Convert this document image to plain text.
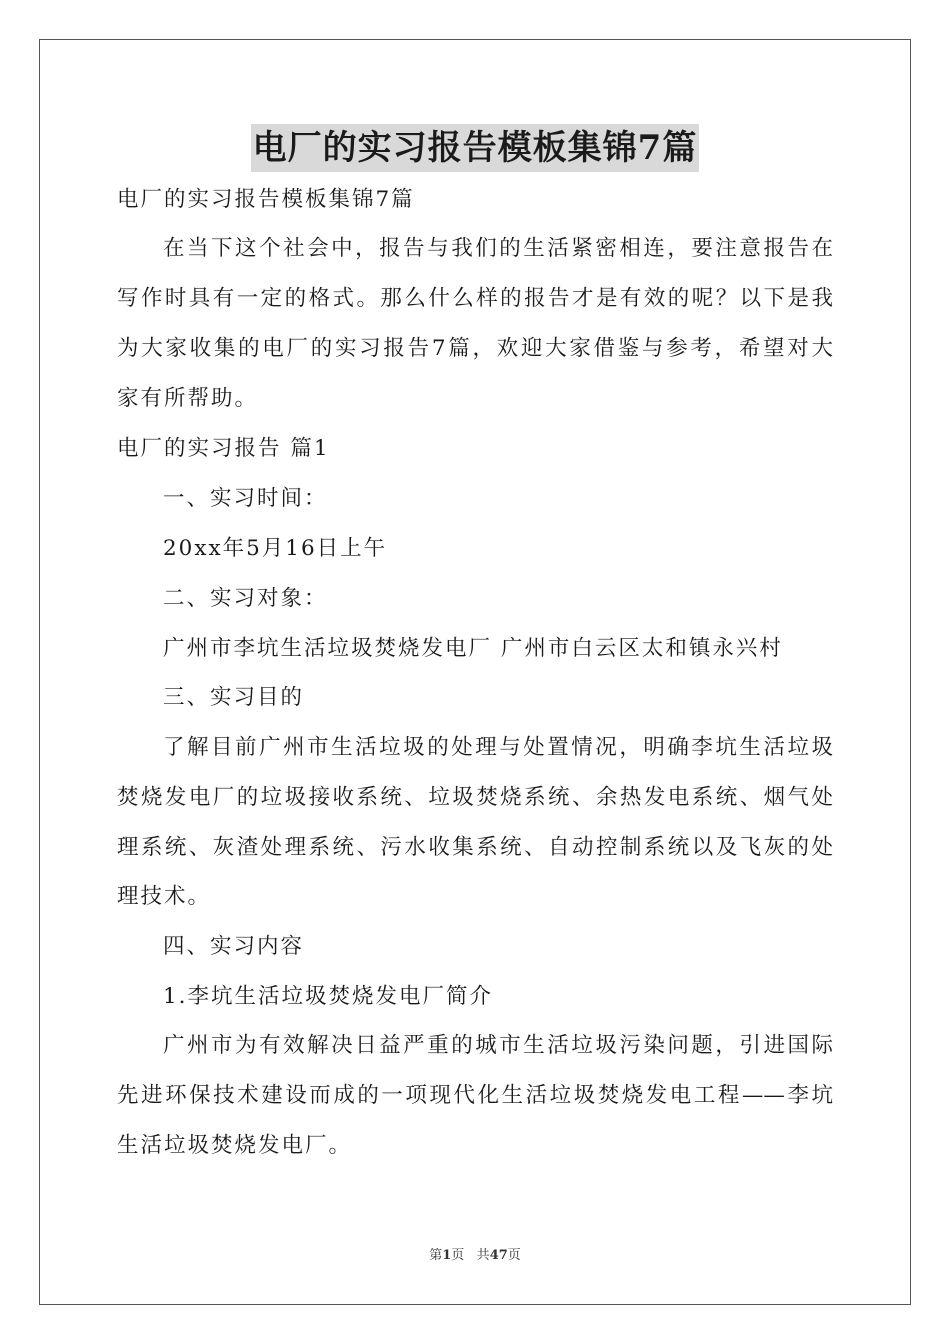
电厂的实习报告模板集锦7篇

电厂的实习报告模板集锦7篇

在当下这个社会中，报告与我们的生活紧密相连，要注意报告在

写作时具有一定的格式。那么什么样的报告才是有效的呢？以下是我

为大家收集的电厂的实习报告7篇，欢迎大家借鉴与参考，希望对大

家有所帮助。

电厂的实习报告 篇1

一、实习时间：

20xx年5月16日上午

二、实习对象：

广州市李坑生活垃圾焚烧发电厂 广州市白云区太和镇永兴村

三、实习目的

了解目前广州市生活垃圾的处理与处置情况，明确李坑生活垃圾

焚烧发电厂的垃圾接收系统、垃圾焚烧系统、余热发电系统、烟气处

理系统、灰渣处理系统、污水收集系统、自动控制系统以及飞灰的处

理技术。

四、实习内容

1.李坑生活垃圾焚烧发电厂简介

广州市为有效解决日益严重的城市生活垃圾污染问题，引进国际

先进环保技术建设而成的一项现代化生活垃圾焚烧发电工程——李坑

生活垃圾焚烧发电厂。

第1页 共47页
